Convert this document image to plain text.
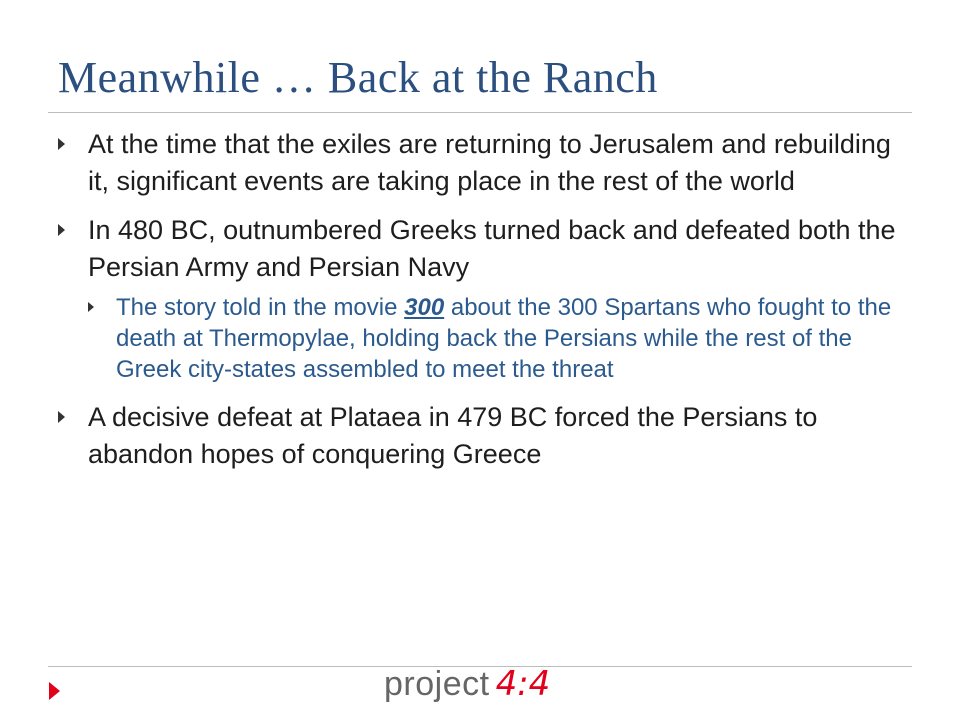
Meanwhile … Back at the Ranch
At the time that the exiles are returning to Jerusalem and rebuilding it, significant events are taking place in the rest of the world
In 480 BC, outnumbered Greeks turned back and defeated both the Persian Army and Persian Navy
The story told in the movie 300 about the 300 Spartans who fought to the death at Thermopylae, holding back the Persians while the rest of the Greek city-states assembled to meet the threat
A decisive defeat at Plataea in 479 BC forced the Persians to abandon hopes of conquering Greece
project 4:4
